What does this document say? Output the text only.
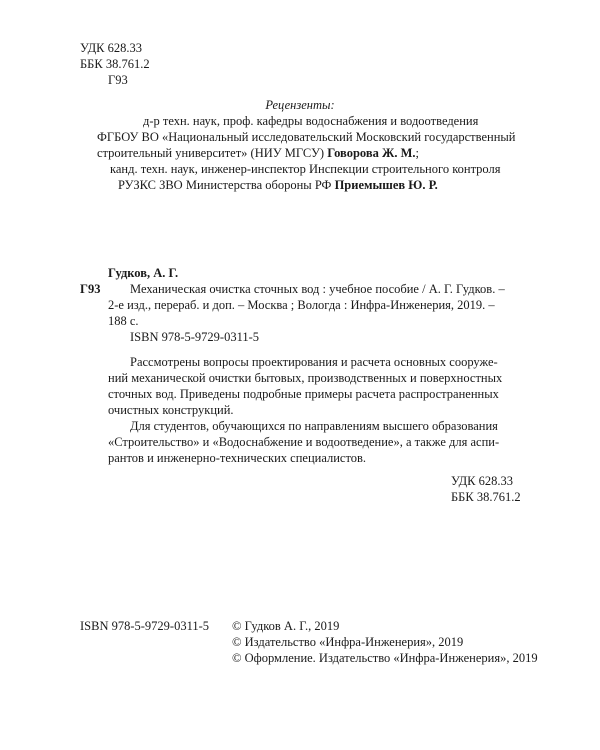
УДК 628.33
ББК 38.761.2
Г93
Рецензенты:
д-р техн. наук, проф. кафедры водоснабжения и водоотведения
ФГБОУ ВО «Национальный исследовательский Московский государственный
строительный университет» (НИУ МГСУ) Говорова Ж. М.;
канд. техн. наук, инженер-инспектор Инспекции строительного контроля
РУЗКС ЗВО Министерства обороны РФ Приемышев Ю. Р.
Гудков, А. Г.
Г93 Механическая очистка сточных вод : учебное пособие / А. Г. Гудков. –
2-е изд., перераб. и доп. – Москва ; Вологда : Инфра-Инженерия, 2019. –
188 с.
ISBN 978-5-9729-0311-5
Рассмотрены вопросы проектирования и расчета основных сооруже-
ний механической очистки бытовых, производственных и поверхностных
сточных вод. Приведены подробные примеры расчета распространенных
очистных конструкций.
Для студентов, обучающихся по направлениям высшего образования
«Строительство» и «Водоснабжение и водоотведение», а также для аспи-
рантов и инженерно-технических специалистов.
УДК 628.33
ББК 38.761.2
ISBN 978-5-9729-0311-5 © Гудков А. Г., 2019
© Издательство «Инфра-Инженерия», 2019
© Оформление. Издательство «Инфра-Инженерия», 2019
